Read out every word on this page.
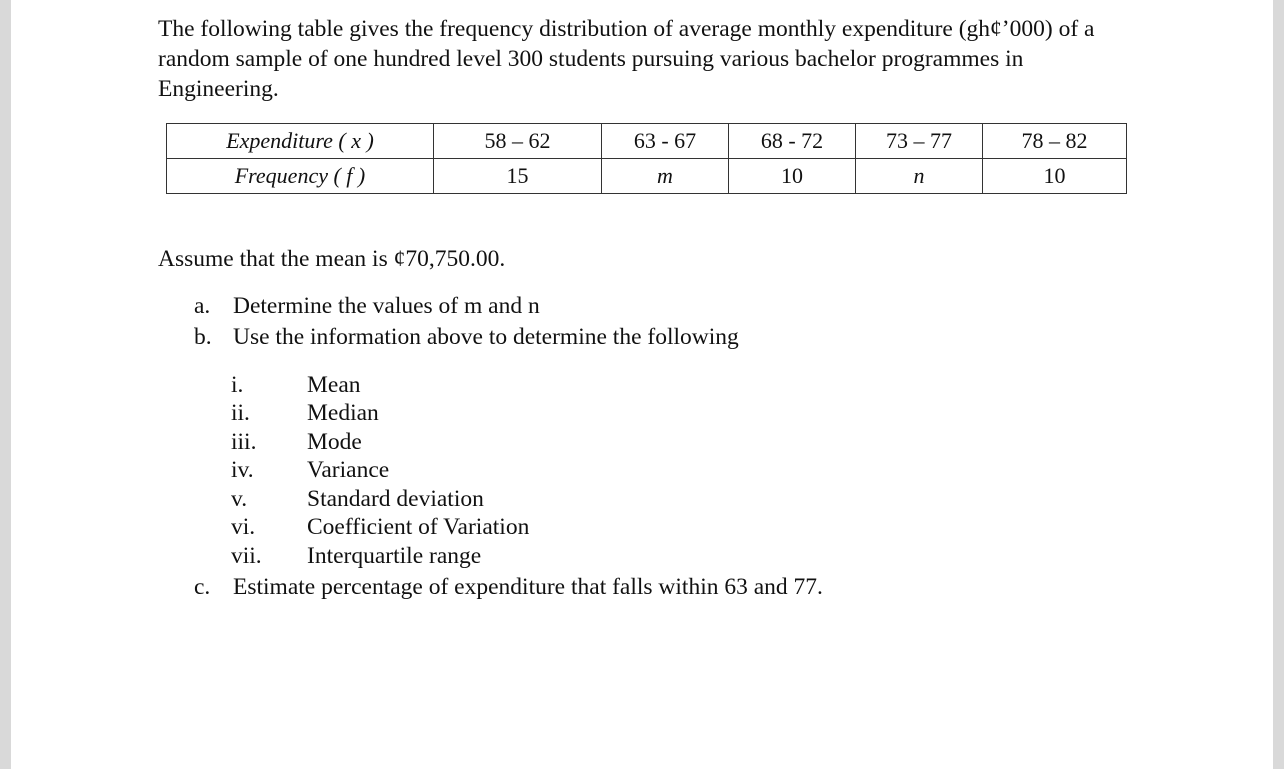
The following table gives the frequency distribution of average monthly expenditure (gh¢’000) of a random sample of one hundred level 300 students pursuing various bachelor programmes in Engineering.

Expenditure ( x )	58 – 62	63 - 67	68 - 72	73 – 77	78 – 82
Frequency ( f )	15	m	10	n	10

Assume that the mean is ¢70,750.00.

a. Determine the values of m and n
b. Use the information above to determine the following
i.	Mean
ii. Median
iii. Mode
iv. Variance
v.	Standard deviation
vi. Coefficient of Variation
vii. Interquartile range
c. Estimate percentage of expenditure that falls within 63 and 77.
